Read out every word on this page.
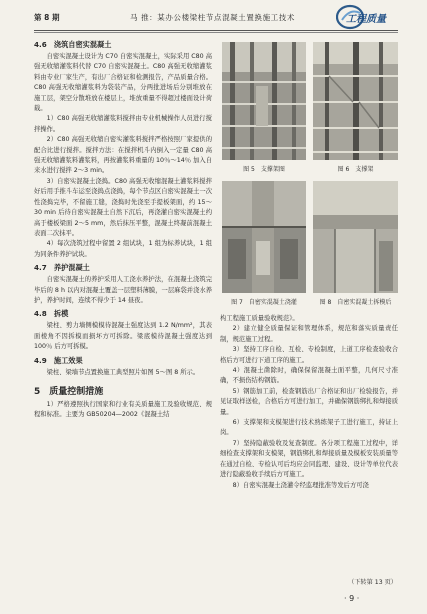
第 8 期	马 推：某办公楼梁柱节点混凝土置换施工技术	工程质量
4.6　浇筑自密实混凝土

自密实混凝土设计为 C70 自密实混凝土，实际采用 C80 高强无收缩灌浆料代替 C70 自密实混凝土。C80 高强无收缩灌浆料由专业厂家生产，有出厂合格证和检测报告，产品质量合格。C80 高强无收缩灌浆料为袋装产品，分两批进场后分别堆放在施工层，架空分散堆放在楼层上，堆放重量不得超过楼面设计荷载。

1）C80 高强无收缩灌浆料搅拌由专业机械操作人员进行搅拌操作。

2）C80 高强无收缩自密实灌浆料搅拌严格按照厂家提供的配合比进行搅拌。搅拌方法：在搅拌机斗内倒入一定量 C80 高强无收缩灌浆料灌浆料，再按灌浆料重量的 10％～14％ 加入自来水进行搅拌 2～3 min。

3）自密实混凝土浇捣。C80 高强无收缩混凝土灌浆料搅拌好后用手推斗车运至浇捣点浇捣，每个节点区自密实混凝土一次性浇捣完毕，不留施工缝，浇捣时先浇至手提板架面，约 15～30 min 后待自密实混凝土自然下沉后，再浇灌自密实混凝土约高于楼板梁面 2～5 mm，然后抹压平整，混凝土终凝前混凝土表面二次抹平。

4）每次浇筑过程中留置 2 组试块，1 组为标养试块，1 组为同条件养护试块。

4.7　养护混凝土

自密实混凝土的养护采用人工浇水养护法，在混凝土浇筑完毕后的 8 h 以内对混凝土覆盖一层塑料薄膜，一层麻袋并浇水养护，养护时间，连续不得少于 14 昼夜。

4.8　拆模

梁柱、剪力墙侧模模待混凝土强度达到 1.2 N/mm²，其表面棱角不因拆模而损坏方可拆除。梁底模待混凝土强度达到 100％ 后方可拆模。

4.9　施工效果

梁柱、梁墙节点置换施工典型照片如图 5～图 8 所示。

5　质量控制措施

1）严格遵照执行国家和行业有关质量施工及验收规范、规程和标准。主要为 GB50204—2002《混凝土结

图 5　支撑架图	图 6　支撑架
图 7　自密实混凝土浇灌	图 8　自密实混凝土拆模后

构工程施工质量验收规范》。

2）建立健全质量保证和管理体系，规范和落实质量责任制，规范施工过程。

3）坚持工序自检、互检、专检制度，上道工序检查验收合格后方可进行下道工序的施工。

4）混凝土凿除时，确保保留混凝土面平整，几何尺寸准确，不损伤结构钢筋。

5）钢筋加工前，检查钢筋出厂合格证和出厂检验报告，并见证取样送检，合格后方可进行加工，并确保钢筋绑扎和焊接质量。

6）支撑架和支模架进行技术熟练架子工进行施工，持证上岗。

7）坚持隐蔽验收及复查制度。各分项工程施工过程中，详细检查支撑架和支模架，钢筋绑扎和焊接质量及模板安装质量等在通过自检、专检认可后均应会同监理、建设、设计等单位代表进行隐蔽验收手续后方可施工。

8）自密实混凝土浇灌令经监理批准等发后方可浇

（下转第 13 页）
· 9 ·
